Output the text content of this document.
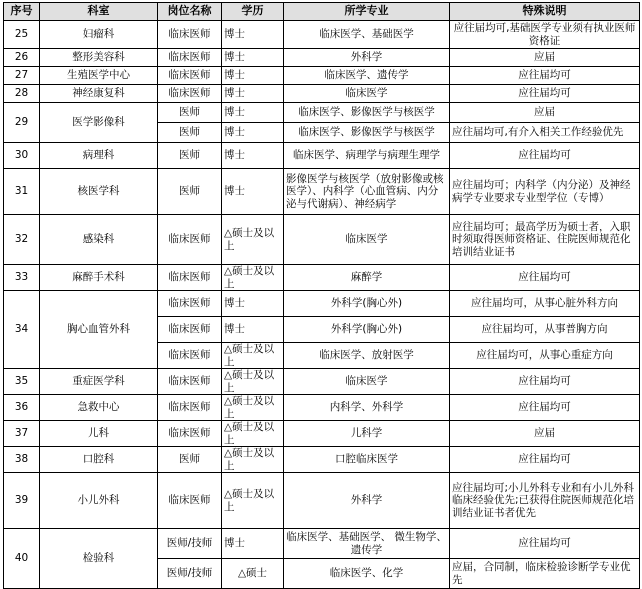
序号	科室	岗位名称	学历	所学专业	特殊说明
25	妇瘤科	临床医师	博士	临床医学、基础医学	应往届均可,基础医学专业须有执业医师资格证
26	整形美容科	临床医师	博士	外科学	应届
27	生殖医学中心	临床医师	博士	临床医学、遗传学	应往届均可
28	神经康复科	临床医师	博士	临床医学	应往届均可
29	医学影像科	医师	博士	临床医学、影像医学与核医学	应届
		医师	博士	临床医学、影像医学与核医学	应往届均可,有介入相关工作经验优先
30	病理科	医师	博士	临床医学、病理学与病理生理学	应往届均可
31	核医学科	医师	博士	影像医学与核医学（放射影像或核医学）、内科学（心血管病、内分泌与代谢病）、神经病学	应往届均可；内科学（内分泌）及神经病学专业要求专业型学位（专博）
32	感染科	临床医师	△硕士及以上	临床医学	应往届均可；最高学历为硕士者，入职时须取得医师资格证、住院医师规范化培训结业证书
33	麻醉手术科	临床医师	△硕士及以上	麻醉学	应往届均可
34	胸心血管外科	临床医师	博士	外科学(胸心外)	应往届均可，从事心脏外科方向
		临床医师	博士	外科学(胸心外)	应往届均可，从事普胸方向
		临床医师	△硕士及以上	临床医学、放射医学	应往届均可，从事心重症方向
35	重症医学科	临床医师	△硕士及以上	临床医学	应往届均可
36	急救中心	临床医师	△硕士及以上	内科学、外科学	应往届均可
37	儿科	临床医师	△硕士及以上	儿科学	应届
38	口腔科	医师	△硕士及以上	口腔临床医学	应往届均可
39	小儿外科	临床医师	△硕士及以上	外科学	应往届均可;小儿外科专业和有小儿外科临床经验优先;已获得住院医师规范化培训结业证书者优先
40	检验科	医师/技师	博士	临床医学、基础医学、 微生物学、遗传学	应往届均可
		医师/技师	△硕士	临床医学、化学	应届，合同制，临床检验诊断学专业优先
